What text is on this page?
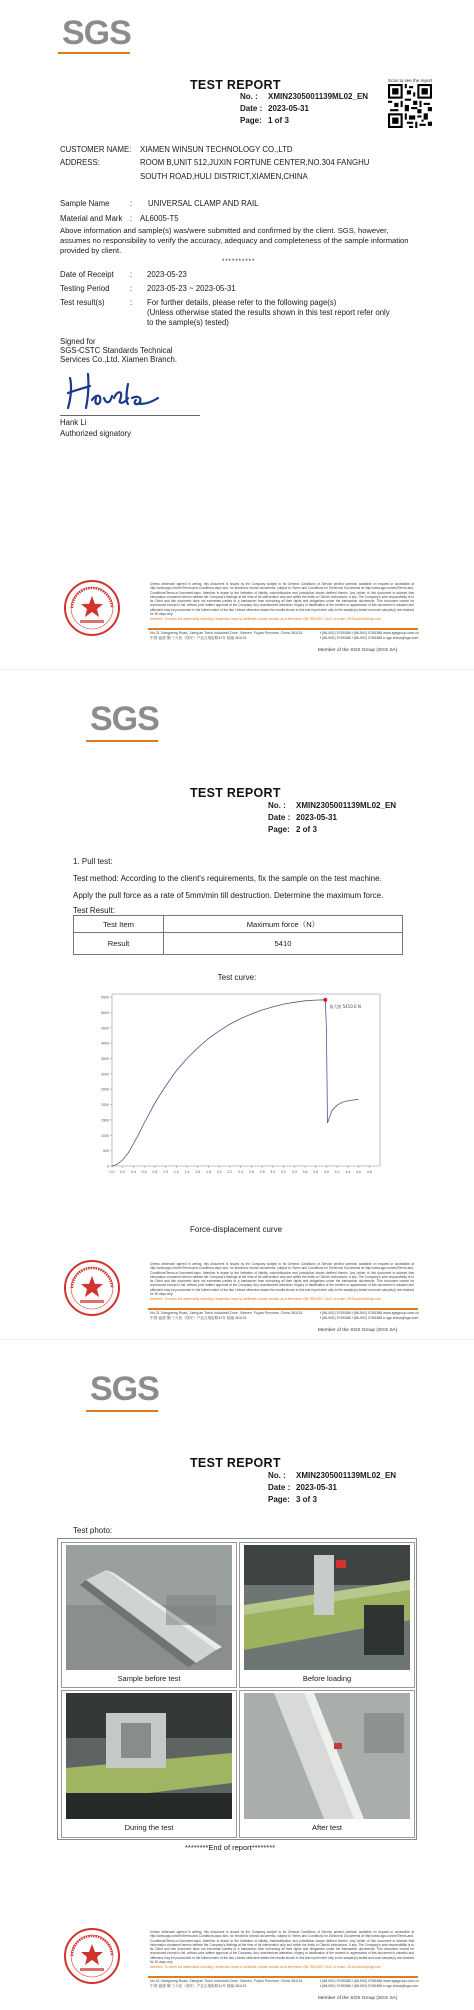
SGS
TEST REPORT
No. : XMIN2305001139ML02_EN
Date : 2023-05-31
Page: 1 of 3
Scan to see the report
CUSTOMER NAME: XIAMEN WINSUN TECHNOLOGY CO.,LTD
ADDRESS:	ROOM B,UNIT 512,JUXIN FORTUNE CENTER,NO.304 FANGHU
SOUTH ROAD,HULI DISTRICT,XIAMEN,CHINA
Sample Name	: UNIVERSAL CLAMP AND RAIL
Material and Mark : AL6005-T5
Above information and sample(s) was/were submitted and confirmed by the client. SGS, however, assumes no responsibility to verify the accuracy, adequacy and completeness of the sample information provided by client.
**********
Date of Receipt : 2023-05-23
Testing Period	: 2023-05-23 ~ 2023-05-31
Test result(s)	: For further details, please refer to the following page(s)
(Unless otherwise stated the results shown in this test report refer only
to the sample(s) tested)
Signed for
SGS-CSTC Standards Technical
Services Co.,Ltd. Xiamen Branch.
Hank Li
Authorized signatory
Unless otherwise agreed in writing, this document is issued by the Company subject to its General Conditions of Service printed overleaf, available on request or accessible at http://www.sgs.com/en/Terms-and-Conditions.aspx and, for electronic format documents, subject to Terms and Conditions for Electronic Documents at http://www.sgs.com/en/Terms-and-Conditions/Terms-e-Document.aspx. Attention is drawn to the limitation of liability, indemnification and jurisdiction issues defined therein. Any holder of this document is advised that information contained hereon reflects the Company's findings at the time of its intervention only and within the limits of Client's instructions, if any. The Company's sole responsibility is to its Client and this document does not exonerate parties to a transaction from exercising all their rights and obligations under the transaction documents. This document cannot be reproduced except in full, without prior written approval of the Company. Any unauthorized alteration, forgery or falsification of the content or appearance of this document is unlawful and offenders may be prosecuted to the fullest extent of the law. Unless otherwise stated the results shown in this test report refer only to the sample(s) tested and such sample(s) are retained for 30 days only.
Attention: To check the authenticity of testing / inspection report & certificate, please contact us at telephone: (86-755) 8307 1443, or email: CN.Doccheck@sgs.com
No.31 Xianghong Road, Xiang'an Torch Industrial Zone, Xiamen, Fujian Province, China 361101	t (86-592) 5765388 f (86-592) 5765388 www.sgsgroup.com.cn
中国·福建·厦门·火炬（翔安）产业区翔虹路31号 邮编 361101	t (86-592) 5765388 f (86-592) 5765388 e sgs.china@sgs.com
Member of the SGS Group (SGS SA)
SGS
TEST REPORT
No. : XMIN2305001139ML02_EN
Date : 2023-05-31
Page: 2 of 3
1. Pull test:
Test method: According to the client's requirements, fix the sample on the test machine.
Apply the pull force as a rate of 5mm/min till destruction. Determine the maximum force.
Test Result:
Test Item	Maximum force（N）
Result	5410
Test curve:
0
500
1000
1500
2000
2500
3000
3500
4000
4500
5000
5500
0.0 0.2 0.4 0.6 0.8 1.0 1.2 1.4 1.6 1.8 2.0 2.2 2.4 2.6 2.8 3.0 3.2 3.4 3.6 3.8 4.0 4.2 4.4 4.6 4.8
最大值 5410.0 N
Force-displacement curve
Unless otherwise agreed in writing, this document is issued by the Company subject to its General Conditions of Service printed overleaf, available on request or accessible at http://www.sgs.com/en/Terms-and-Conditions.aspx and, for electronic format documents, subject to Terms and Conditions for Electronic Documents at http://www.sgs.com/en/Terms-and-Conditions/Terms-e-Document.aspx. Attention is drawn to the limitation of liability, indemnification and jurisdiction issues defined therein. Any holder of this document is advised that information contained hereon reflects the Company's findings at the time of its intervention only and within the limits of Client's instructions, if any. The Company's sole responsibility is to its Client and this document does not exonerate parties to a transaction from exercising all their rights and obligations under the transaction documents. This document cannot be reproduced except in full, without prior written approval of the Company. Any unauthorized alteration, forgery or falsification of the content or appearance of this document is unlawful and offenders may be prosecuted to the fullest extent of the law. Unless otherwise stated the results shown in this test report refer only to the sample(s) tested and such sample(s) are retained for 30 days only.
Attention: To check the authenticity of testing / inspection report & certificate, please contact us at telephone: (86-755) 8307 1443, or email: CN.Doccheck@sgs.com
No.31 Xianghong Road, Xiang'an Torch Industrial Zone, Xiamen, Fujian Province, China 361101	t (86-592) 5765388 f (86-592) 5765388 www.sgsgroup.com.cn
中国·福建·厦门·火炬（翔安）产业区翔虹路31号 邮编 361101	t (86-592) 5765388 f (86-592) 5765388 e sgs.china@sgs.com
Member of the SGS Group (SGS SA)
SGS
TEST REPORT
No. : XMIN2305001139ML02_EN
Date : 2023-05-31
Page: 3 of 3
Test photo:
Sample before test	Before loading
During the test	After test
********End of report********
Unless otherwise agreed in writing, this document is issued by the Company subject to its General Conditions of Service printed overleaf, available on request or accessible at http://www.sgs.com/en/Terms-and-Conditions.aspx and, for electronic format documents, subject to Terms and Conditions for Electronic Documents at http://www.sgs.com/en/Terms-and-Conditions/Terms-e-Document.aspx. Attention is drawn to the limitation of liability, indemnification and jurisdiction issues defined therein. Any holder of this document is advised that information contained hereon reflects the Company's findings at the time of its intervention only and within the limits of Client's instructions, if any. The Company's sole responsibility is to its Client and this document does not exonerate parties to a transaction from exercising all their rights and obligations under the transaction documents. This document cannot be reproduced except in full, without prior written approval of the Company. Any unauthorized alteration, forgery or falsification of the content or appearance of this document is unlawful and offenders may be prosecuted to the fullest extent of the law. Unless otherwise stated the results shown in this test report refer only to the sample(s) tested and such sample(s) are retained for 30 days only.
Attention: To check the authenticity of testing / inspection report & certificate, please contact us at telephone: (86-755) 8307 1443, or email: CN.Doccheck@sgs.com
No.31 Xianghong Road, Xiang'an Torch Industrial Zone, Xiamen, Fujian Province, China 361101	t (86-592) 5765388 f (86-592) 5765388 www.sgsgroup.com.cn
中国·福建·厦门·火炬（翔安）产业区翔虹路31号 邮编 361101	t (86-592) 5765388 f (86-592) 5765388 e sgs.china@sgs.com
Member of the SGS Group (SGS SA)
